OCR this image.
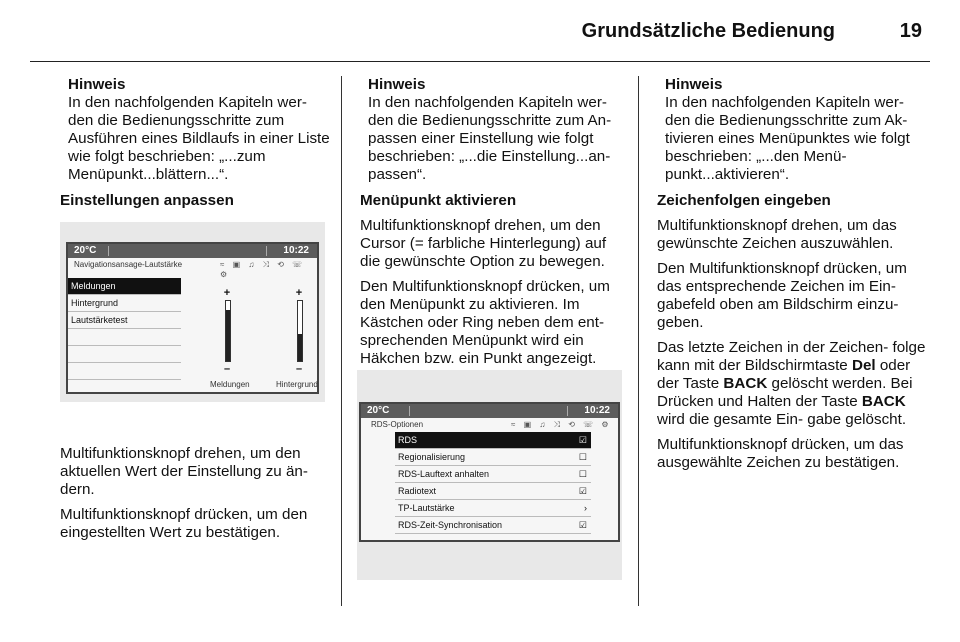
Grundsätzliche Bedienung	19
Hinweis
In den nachfolgenden Kapiteln wer- den die Bedienungsschritte zum Ausführen eines Bildlaufs in einer Liste wie folgt beschrieben: „...zum Menüpunkt...blättern...“.

Einstellungen anpassen

20°C	10:22
Navigationsansage-Lautstärke	≈ ▣ ♫ ⤨ ⟲ ☏ ⚙
Meldungen
Hintergrund
Lautstärketest
+
–
+
–
Meldungen	Hintergrund

Multifunktionsknopf drehen, um den aktuellen Wert der Einstellung zu än- dern.

Multifunktionsknopf drücken, um den eingestellten Wert zu bestätigen.

Hinweis
In den nachfolgenden Kapiteln wer- den die Bedienungsschritte zum An- passen einer Einstellung wie folgt beschrieben: „...die Einstellung...an- passen“.

Menüpunkt aktivieren

Multifunktionsknopf drehen, um den Cursor (= farbliche Hinterlegung) auf die gewünschte Option zu bewegen.

Den Multifunktionsknopf drücken, um den Menüpunkt zu aktivieren. Im Kästchen oder Ring neben dem ent- sprechenden Menüpunkt wird ein Häkchen bzw. ein Punkt angezeigt.

20°C	10:22
RDS-Optionen	≈ ▣ ♫ ⤨ ⟲ ☏ ⚙
RDS	☑
Regionalisierung	☐
RDS-Lauftext anhalten	☐
Radiotext	☑
TP-Lautstärke	›
RDS-Zeit-Synchronisation	☑
Hinweis
In den nachfolgenden Kapiteln wer- den die Bedienungsschritte zum Ak- tivieren eines Menüpunktes wie folgt beschrieben: „...den Menü- punkt...aktivieren“.

Zeichenfolgen eingeben

Multifunktionsknopf drehen, um das gewünschte Zeichen auszuwählen.

Den Multifunktionsknopf drücken, um das entsprechende Zeichen im Ein- gabefeld oben am Bildschirm einzu- geben.

Das letzte Zeichen in der Zeichen- folge kann mit der Bildschirmtaste Del oder der Taste BACK gelöscht werden. Bei Drücken und Halten der Taste BACK wird die gesamte Ein- gabe gelöscht.

Multifunktionsknopf drücken, um das ausgewählte Zeichen zu bestätigen.
